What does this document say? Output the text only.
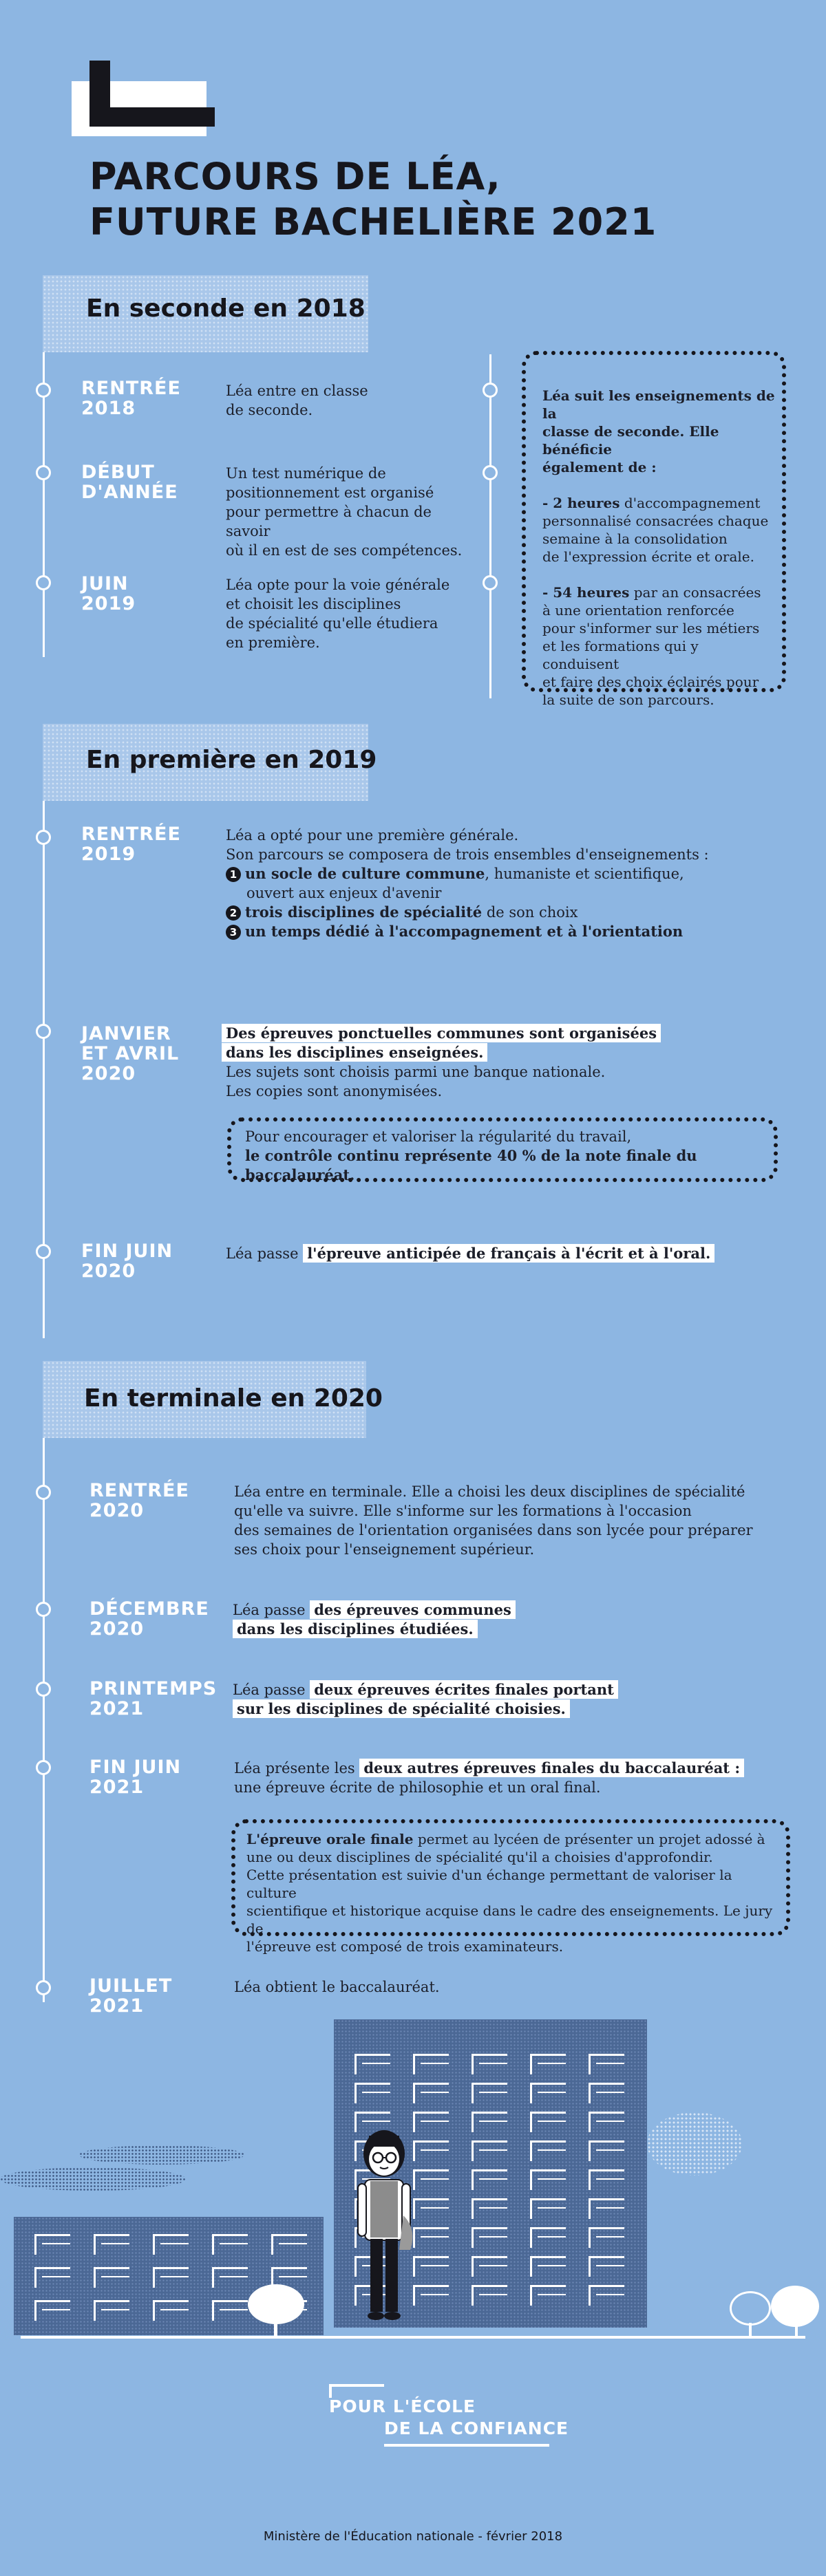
PARCOURS DE LÉA,
FUTURE BACHELIÈRE 2021
En seconde en 2018
RENTRÉE
2018
Léa entre en classe
de seconde.
DÉBUT
D'ANNÉE
Un test numérique de
positionnement est organisé
pour permettre à chacun de savoir
où il en est de ses compétences.
JUIN
2019
Léa opte pour la voie générale
et choisit les disciplines
de spécialité qu'elle étudiera
en première.
Léa suit les enseignements de la
classe de seconde. Elle bénéficie
également de :

- 2 heures d'accompagnement
personnalisé consacrées chaque
semaine à la consolidation
de l'expression écrite et orale.

- 54 heures par an consacrées
à une orientation renforcée
pour s'informer sur les métiers
et les formations qui y conduisent
et faire des choix éclairés pour
la suite de son parcours.
En première en 2019
RENTRÉE
2019
Léa a opté pour une première générale.
Son parcours se composera de trois ensembles d'enseignements :
1 un socle de culture commune, humaniste et scientifique,
ouvert aux enjeux d'avenir
2 trois disciplines de spécialité de son choix
3 un temps dédié à l'accompagnement et à l'orientation
JANVIER
ET AVRIL
2020
Des épreuves ponctuelles communes sont organisées
dans les disciplines enseignées.
Les sujets sont choisis parmi une banque nationale.
Les copies sont anonymisées.
Pour encourager et valoriser la régularité du travail,
le contrôle continu représente 40 % de la note finale du baccalauréat.
FIN JUIN
2020
Léa passe l'épreuve anticipée de français à l'écrit et à l'oral.
En terminale en 2020
RENTRÉE
2020
Léa entre en terminale. Elle a choisi les deux disciplines de spécialité
qu'elle va suivre. Elle s'informe sur les formations à l'occasion
des semaines de l'orientation organisées dans son lycée pour préparer
ses choix pour l'enseignement supérieur.
DÉCEMBRE
2020
Léa passe des épreuves communes
dans les disciplines étudiées.
PRINTEMPS
2021
Léa passe deux épreuves écrites finales portant
sur les disciplines de spécialité choisies.
FIN JUIN
2021
Léa présente les deux autres épreuves finales du baccalauréat :
une épreuve écrite de philosophie et un oral final.
L'épreuve orale finale permet au lycéen de présenter un projet adossé à
une ou deux disciplines de spécialité qu'il a choisies d'approfondir.
Cette présentation est suivie d'un échange permettant de valoriser la culture
scientifique et historique acquise dans le cadre des enseignements. Le jury de
l'épreuve est composé de trois examinateurs.
JUILLET
2021
Léa obtient le baccalauréat.
POUR L'ÉCOLE
DE LA CONFIANCE
Ministère de l'Éducation nationale - février 2018
